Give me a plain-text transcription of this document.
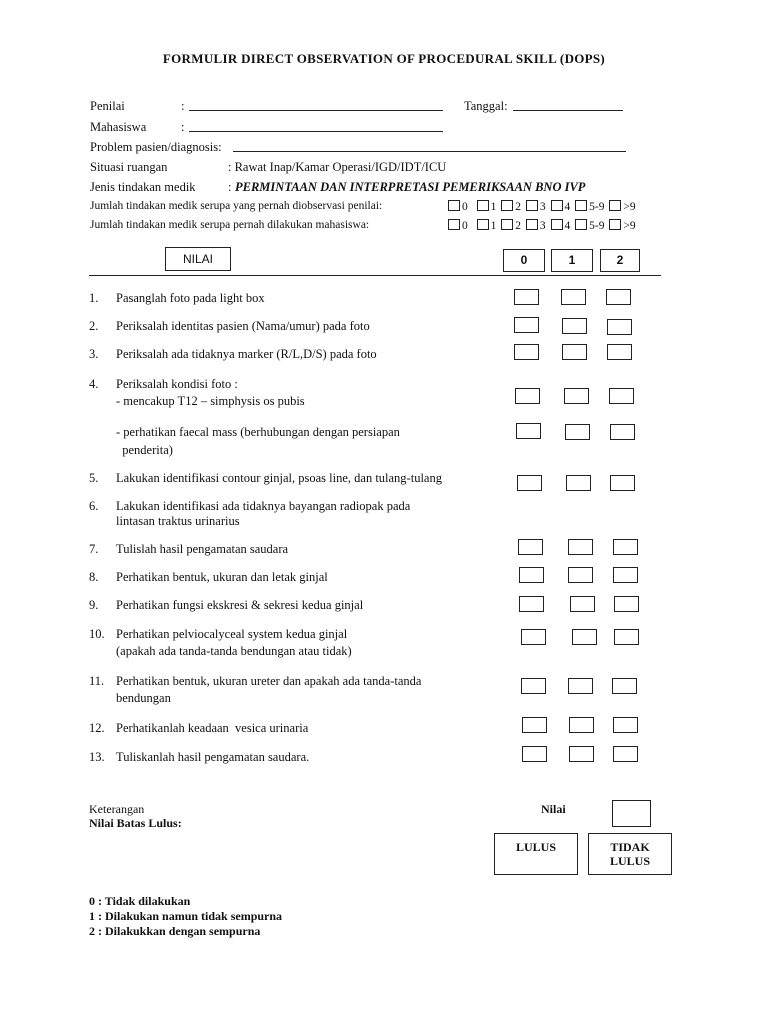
FORMULIR DIRECT OBSERVATION OF PROCEDURAL SKILL (DOPS)
Penilai	:	Tanggal:
Mahasiswa	:
Problem pasien/diagnosis:
Situasi ruangan	: Rawat Inap/Kamar Operasi/IGD/IDT/ICU
Jenis tindakan medik	: PERMINTAAN DAN INTERPRETASI PEMERIKSAAN BNO IVP
Jumlah tindakan medik serupa yang pernah diobservasi penilai:	0 1 2 3 4 5-9 >9
Jumlah tindakan medik serupa pernah dilakukan mahasiswa:	0 1 2 3 4 5-9 >9
NILAI	0	1	2
1. Pasanglah foto pada light box
2. Periksalah identitas pasien (Nama/umur) pada foto
3. Periksalah ada tidaknya marker (R/L,D/S) pada foto
4. Periksalah kondisi foto :
- mencakup T12 – simphysis os pubis
- perhatikan faecal mass (berhubungan dengan persiapan
penderita)
5. Lakukan identifikasi contour ginjal, psoas line, dan tulang-tulang
6. Lakukan identifikasi ada tidaknya bayangan radiopak pada
lintasan traktus urinarius
7. Tulislah hasil pengamatan saudara
8. Perhatikan bentuk, ukuran dan letak ginjal
9. Perhatikan fungsi ekskresi & sekresi kedua ginjal
10. Perhatikan pelviocalyceal system kedua ginjal
(apakah ada tanda-tanda bendungan atau tidak)
11. Perhatikan bentuk, ukuran ureter dan apakah ada tanda-tanda
bendungan
12. Perhatikanlah keadaan  vesica urinaria
13. Tuliskanlah hasil pengamatan saudara.
Keterangan
Nilai Batas Lulus:
Nilai
LULUS	TIDAK
LULUS
0 : Tidak dilakukan
1 : Dilakukan namun tidak sempurna
2 : Dilakukkan dengan sempurna
